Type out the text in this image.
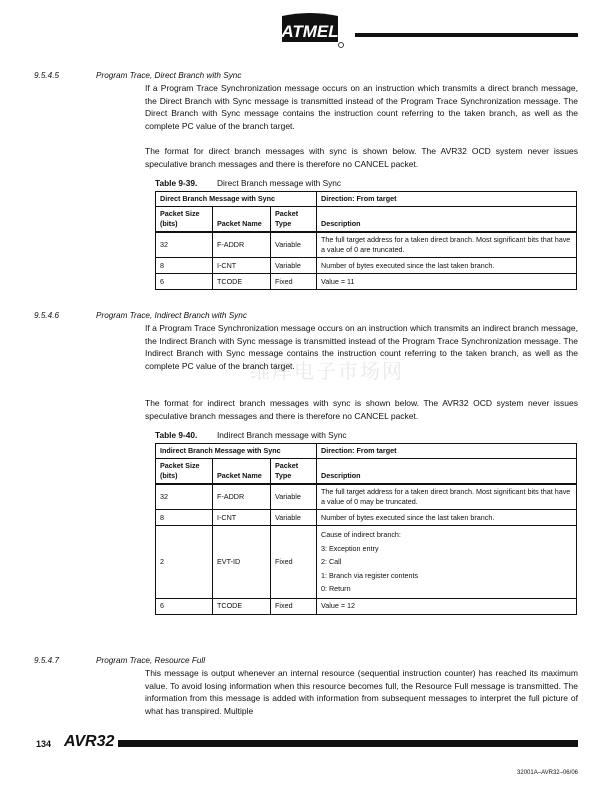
ATMEL
维库电子市场网
9.5.4.5	Program Trace, Direct Branch with Sync

If a Program Trace Synchronization message occurs on an instruction which transmits a direct branch message, the Direct Branch with Sync message is transmitted instead of the Program Trace Synchronization message. The Direct Branch with Sync message contains the instruction count referring to the taken branch, as well as the complete PC value of the branch target.

The format for direct branch messages with sync is shown below. The AVR32 OCD system never issues speculative branch messages and there is therefore no CANCEL packet.

Table 9-39. Direct Branch message with Sync
Direct Branch Message with Sync			Direction: From target
Packet Size (bits)	Packet Name	Packet Type	Description
32	F-ADDR	Variable	The full target address for a taken direct branch. Most significant bits that have a value of 0 are truncated.
8	I-CNT	Variable	Number of bytes executed since the last taken branch.
6	TCODE	Fixed	Value = 11
9.5.4.6	Program Trace, Indirect Branch with Sync

If a Program Trace Synchronization message occurs on an instruction which transmits an indirect branch message, the Indirect Branch with Sync message is transmitted instead of the Program Trace Synchronization message. The Indirect Branch with Sync message contains the instruction count referring to the taken branch, as well as the complete PC value of the branch target.

The format for indirect branch messages with sync is shown below. The AVR32 OCD system never issues speculative branch messages and there is therefore no CANCEL packet.

Table 9-40. Indirect Branch message with Sync
Indirect Branch Message with Sync			Direction: From target
Packet Size (bits)	Packet Name	Packet Type	Description
32	F-ADDR	Variable	The full target address for a taken direct branch. Most significant bits that have a value of 0 may be truncated.
8	I-CNT	Variable	Number of bytes executed since the last taken branch.
2	EVT-ID	Fixed	Cause of indirect branch:
3: Exception entry
2: Call
1: Branch via register contents
0: Return

6	TCODE	Fixed	Value = 12
9.5.4.7	Program Trace, Resource Full

This message is output whenever an internal resource (sequential instruction counter) has reached its maximum value. To avoid losing information when this resource becomes full, the Resource Full message is transmitted. The information from this message is added with information from subsequent messages to interpret the full picture of what has transpired. Multiple

134 AVR32
32001A–AVR32–06/06
